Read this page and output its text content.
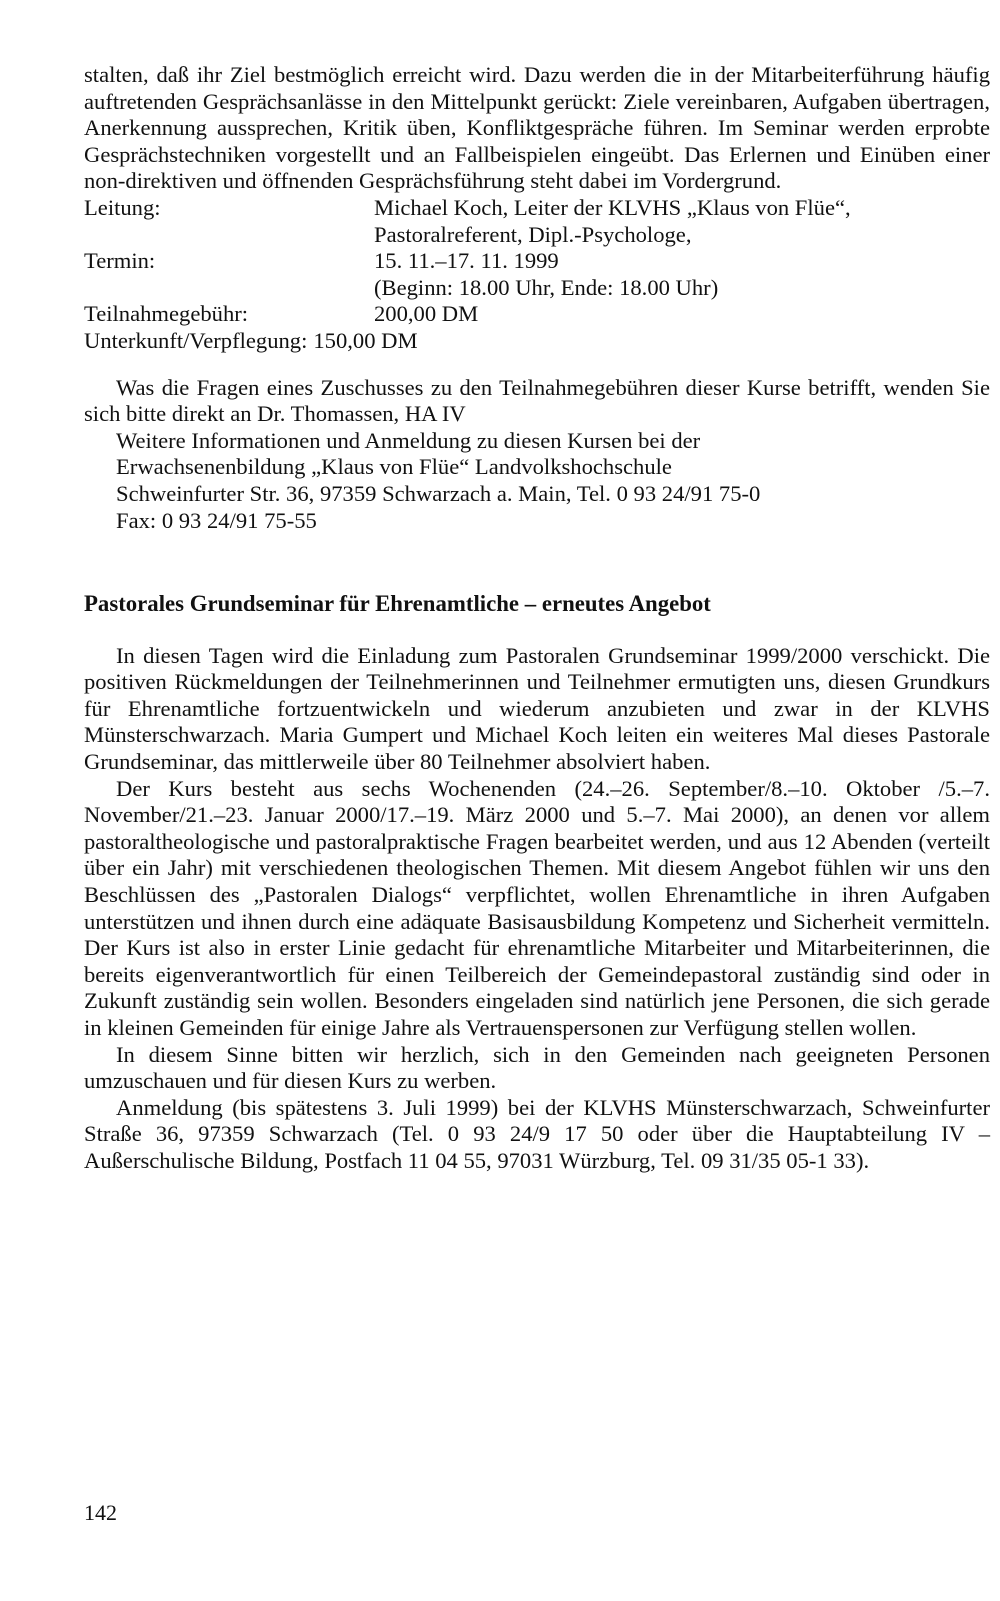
stalten, daß ihr Ziel bestmöglich erreicht wird. Dazu werden die in der Mitarbeiterführung häufig auftretenden Gesprächsanlässe in den Mittelpunkt gerückt: Ziele vereinbaren, Aufgaben übertragen, Anerkennung aussprechen, Kritik üben, Konfliktgespräche führen. Im Seminar werden erprobte Gesprächstechniken vorgestellt und an Fallbeispielen eingeübt. Das Erlernen und Einüben einer non-direktiven und öffnenden Gesprächsführung steht dabei im Vordergrund.

Leitung:	Michael Koch, Leiter der KLVHS „Klaus von Flüe“,
Pastoralreferent, Dipl.-Psychologe,
Termin:	15. 11.–17. 11. 1999
(Beginn: 18.00 Uhr, Ende: 18.00 Uhr)
Teilnahmegebühr:	200,00 DM
Unterkunft/Verpflegung: 150,00 DM

Was die Fragen eines Zuschusses zu den Teilnahmegebühren dieser Kurse betrifft, wenden Sie sich bitte direkt an Dr. Thomassen, HA IV

Weitere Informationen und Anmeldung zu diesen Kursen bei der

Erwachsenenbildung „Klaus von Flüe“ Landvolkshochschule

Schweinfurter Str. 36, 97359 Schwarzach a. Main, Tel. 0 93 24/91 75-0

Fax: 0 93 24/91 75-55

Pastorales Grundseminar für Ehrenamtliche – erneutes Angebot

In diesen Tagen wird die Einladung zum Pastoralen Grundseminar 1999/2000 verschickt. Die positiven Rückmeldungen der Teilnehmerinnen und Teilnehmer ermutigten uns, diesen Grundkurs für Ehrenamtliche fortzuentwickeln und wiederum anzubieten und zwar in der KLVHS Münsterschwarzach. Maria Gumpert und Michael Koch leiten ein weiteres Mal dieses Pastorale Grundseminar, das mittlerweile über 80 Teilnehmer absolviert haben.

Der Kurs besteht aus sechs Wochenenden (24.–26. September/8.–10. Oktober /5.–7. November/21.–23. Januar 2000/17.–19. März 2000 und 5.–7. Mai 2000), an denen vor allem pastoraltheologische und pastoralpraktische Fragen bearbeitet werden, und aus 12 Abenden (verteilt über ein Jahr) mit verschiedenen theologischen Themen. Mit diesem Angebot fühlen wir uns den Beschlüssen des „Pastoralen Dialogs“ verpflichtet, wollen Ehrenamtliche in ihren Aufgaben unterstützen und ihnen durch eine adäquate Basisausbildung Kompetenz und Sicherheit vermitteln. Der Kurs ist also in erster Linie gedacht für ehrenamtliche Mitarbeiter und Mitarbeiterinnen, die bereits eigenverantwortlich für einen Teilbereich der Gemeindepastoral zuständig sind oder in Zukunft zuständig sein wollen. Besonders eingeladen sind natürlich jene Personen, die sich gerade in kleinen Gemeinden für einige Jahre als Vertrauenspersonen zur Verfügung stellen wollen.

In diesem Sinne bitten wir herzlich, sich in den Gemeinden nach geeigneten Personen umzuschauen und für diesen Kurs zu werben.

Anmeldung (bis spätestens 3. Juli 1999) bei der KLVHS Münsterschwarzach, Schweinfurter Straße 36, 97359 Schwarzach (Tel. 0 93 24/9 17 50 oder über die Hauptabteilung IV – Außerschulische Bildung, Postfach 11 04 55, 97031 Würzburg, Tel. 09 31/35 05-1 33).

142
